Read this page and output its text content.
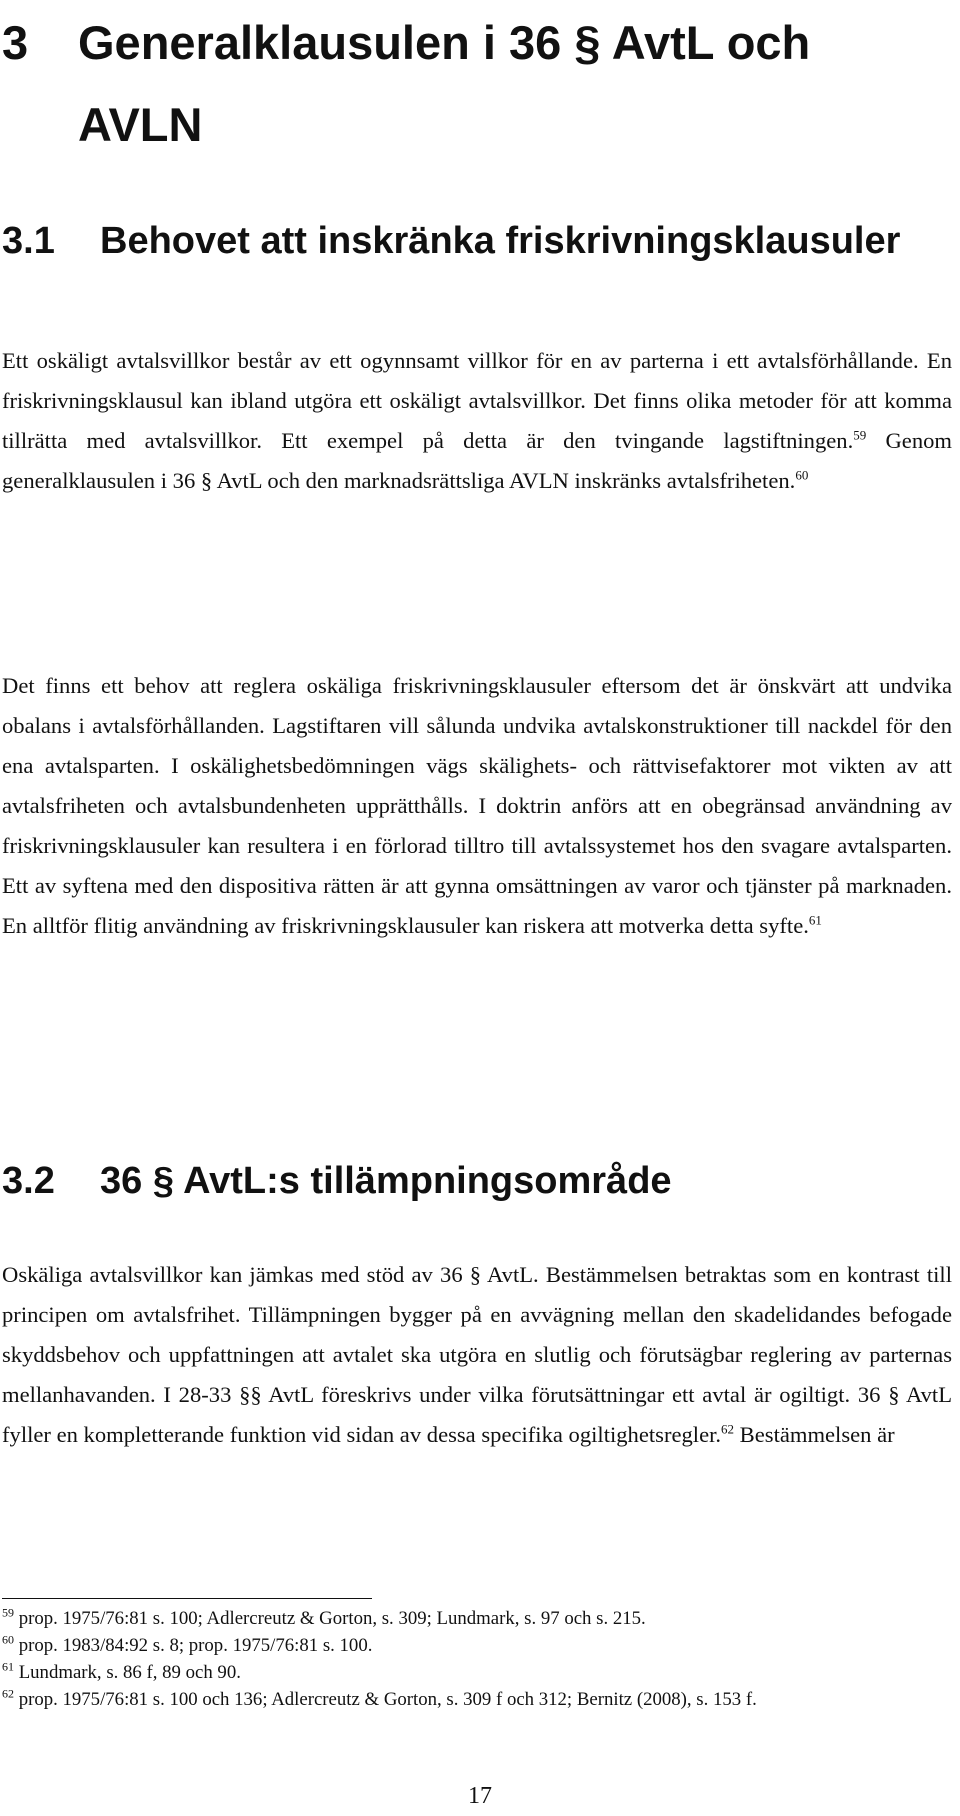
3 Generalklausulen i 36 § AvtL och AVLN
3.1 Behovet att inskränka friskrivningsklausuler

Ett oskäligt avtalsvillkor består av ett ogynnsamt villkor för en av parterna i ett avtalsförhållande. En friskrivningsklausul kan ibland utgöra ett oskäligt avtalsvillkor. Det finns olika metoder för att komma tillrätta med avtalsvillkor. Ett exempel på detta är den tvingande lagstiftningen.$^{59}$ Genom generalklausulen i 36 § AvtL och den marknadsrättsliga AVLN inskränks avtalsfriheten.$^{60}$

Det finns ett behov att reglera oskäliga friskrivningsklausuler eftersom det är önskvärt att undvika obalans i avtalsförhållanden. Lagstiftaren vill sålunda undvika avtalskonstruktioner till nackdel för den ena avtalsparten. I oskälighetsbedömningen vägs skälighets- och rättvisefaktorer mot vikten av att avtalsfriheten och avtalsbundenheten upprätthålls. I doktrin anförs att en obegränsad användning av friskrivningsklausuler kan resultera i en förlorad tilltro till avtalssystemet hos den svagare avtalsparten. Ett av syftena med den dispositiva rätten är att gynna omsättningen av varor och tjänster på marknaden. En alltför flitig användning av friskrivningsklausuler kan riskera att motverka detta syfte.$^{61}$

3.2 36 § AvtL:s tillämpningsområde

Oskäliga avtalsvillkor kan jämkas med stöd av 36 § AvtL. Bestämmelsen betraktas som en kontrast till principen om avtalsfrihet. Tillämpningen bygger på en avvägning mellan den skadelidandes befogade skyddsbehov och uppfattningen att avtalet ska utgöra en slutlig och förutsägbar reglering av parternas mellanhavanden. I 28-33 §§ AvtL föreskrivs under vilka förutsättningar ett avtal är ogiltigt. 36 § AvtL fyller en kompletterande funktion vid sidan av dessa specifika ogiltighetsregler.$^{62}$ Bestämmelsen är

$^{59}$ prop. 1975/76:81 s. 100; Adlercreutz & Gorton, s. 309; Lundmark, s. 97 och s. 215.

$^{60}$ prop. 1983/84:92 s. 8; prop. 1975/76:81 s. 100.

$^{61}$ Lundmark, s. 86 f, 89 och 90.

$^{62}$ prop. 1975/76:81 s. 100 och 136; Adlercreutz & Gorton, s. 309 f och 312; Bernitz (2008), s. 153 f.

17
